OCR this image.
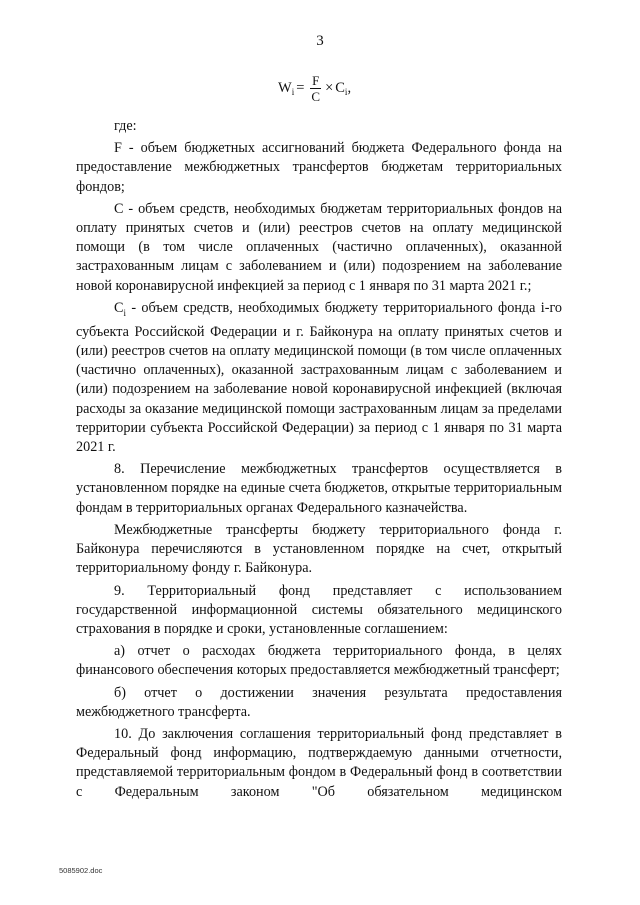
3
$W_i = \frac{F}{C} \times C_i$ ,

где:

F - объем бюджетных ассигнований бюджета Федерального фонда на предоставление межбюджетных трансфертов бюджетам территориальных фондов;

С - объем средств, необходимых бюджетам территориальных фондов на оплату принятых счетов и (или) реестров счетов на оплату медицинской помощи (в том числе оплаченных (частично оплаченных), оказанной застрахованным лицам с заболеванием и (или) подозрением на заболевание новой коронавирусной инфекцией за период с 1 января по 31 марта 2021 г.;

$С_i$ - объем средств, необходимых бюджету территориального фонда i-го субъекта Российской Федерации и г. Байконура на оплату принятых счетов и (или) реестров счетов на оплату медицинской помощи (в том числе оплаченных (частично оплаченных), оказанной застрахованным лицам с заболеванием и (или) подозрением на заболевание новой коронавирусной инфекцией (включая расходы за оказание медицинской помощи застрахованным лицам за пределами территории субъекта Российской Федерации) за период с 1 января по 31 марта 2021 г.

8. Перечисление межбюджетных трансфертов осуществляется в установленном порядке на единые счета бюджетов, открытые территориальным фондам в территориальных органах Федерального казначейства.

Межбюджетные трансферты бюджету территориального фонда г. Байконура перечисляются в установленном порядке на счет, открытый территориальному фонду г. Байконура.

9. Территориальный фонд представляет с использованием государственной информационной системы обязательного медицинского страхования в порядке и сроки, установленные соглашением:

а) отчет о расходах бюджета территориального фонда, в целях финансового обеспечения которых предоставляется межбюджетный трансферт;

б) отчет о достижении значения результата предоставления межбюджетного трансферта.

10. До заключения соглашения территориальный фонд представляет в Федеральный фонд информацию, подтверждаемую данными отчетности, представляемой территориальным фондом в Федеральный фонд в соответствии с Федеральным законом "Об обязательном медицинском

5085902.doc
